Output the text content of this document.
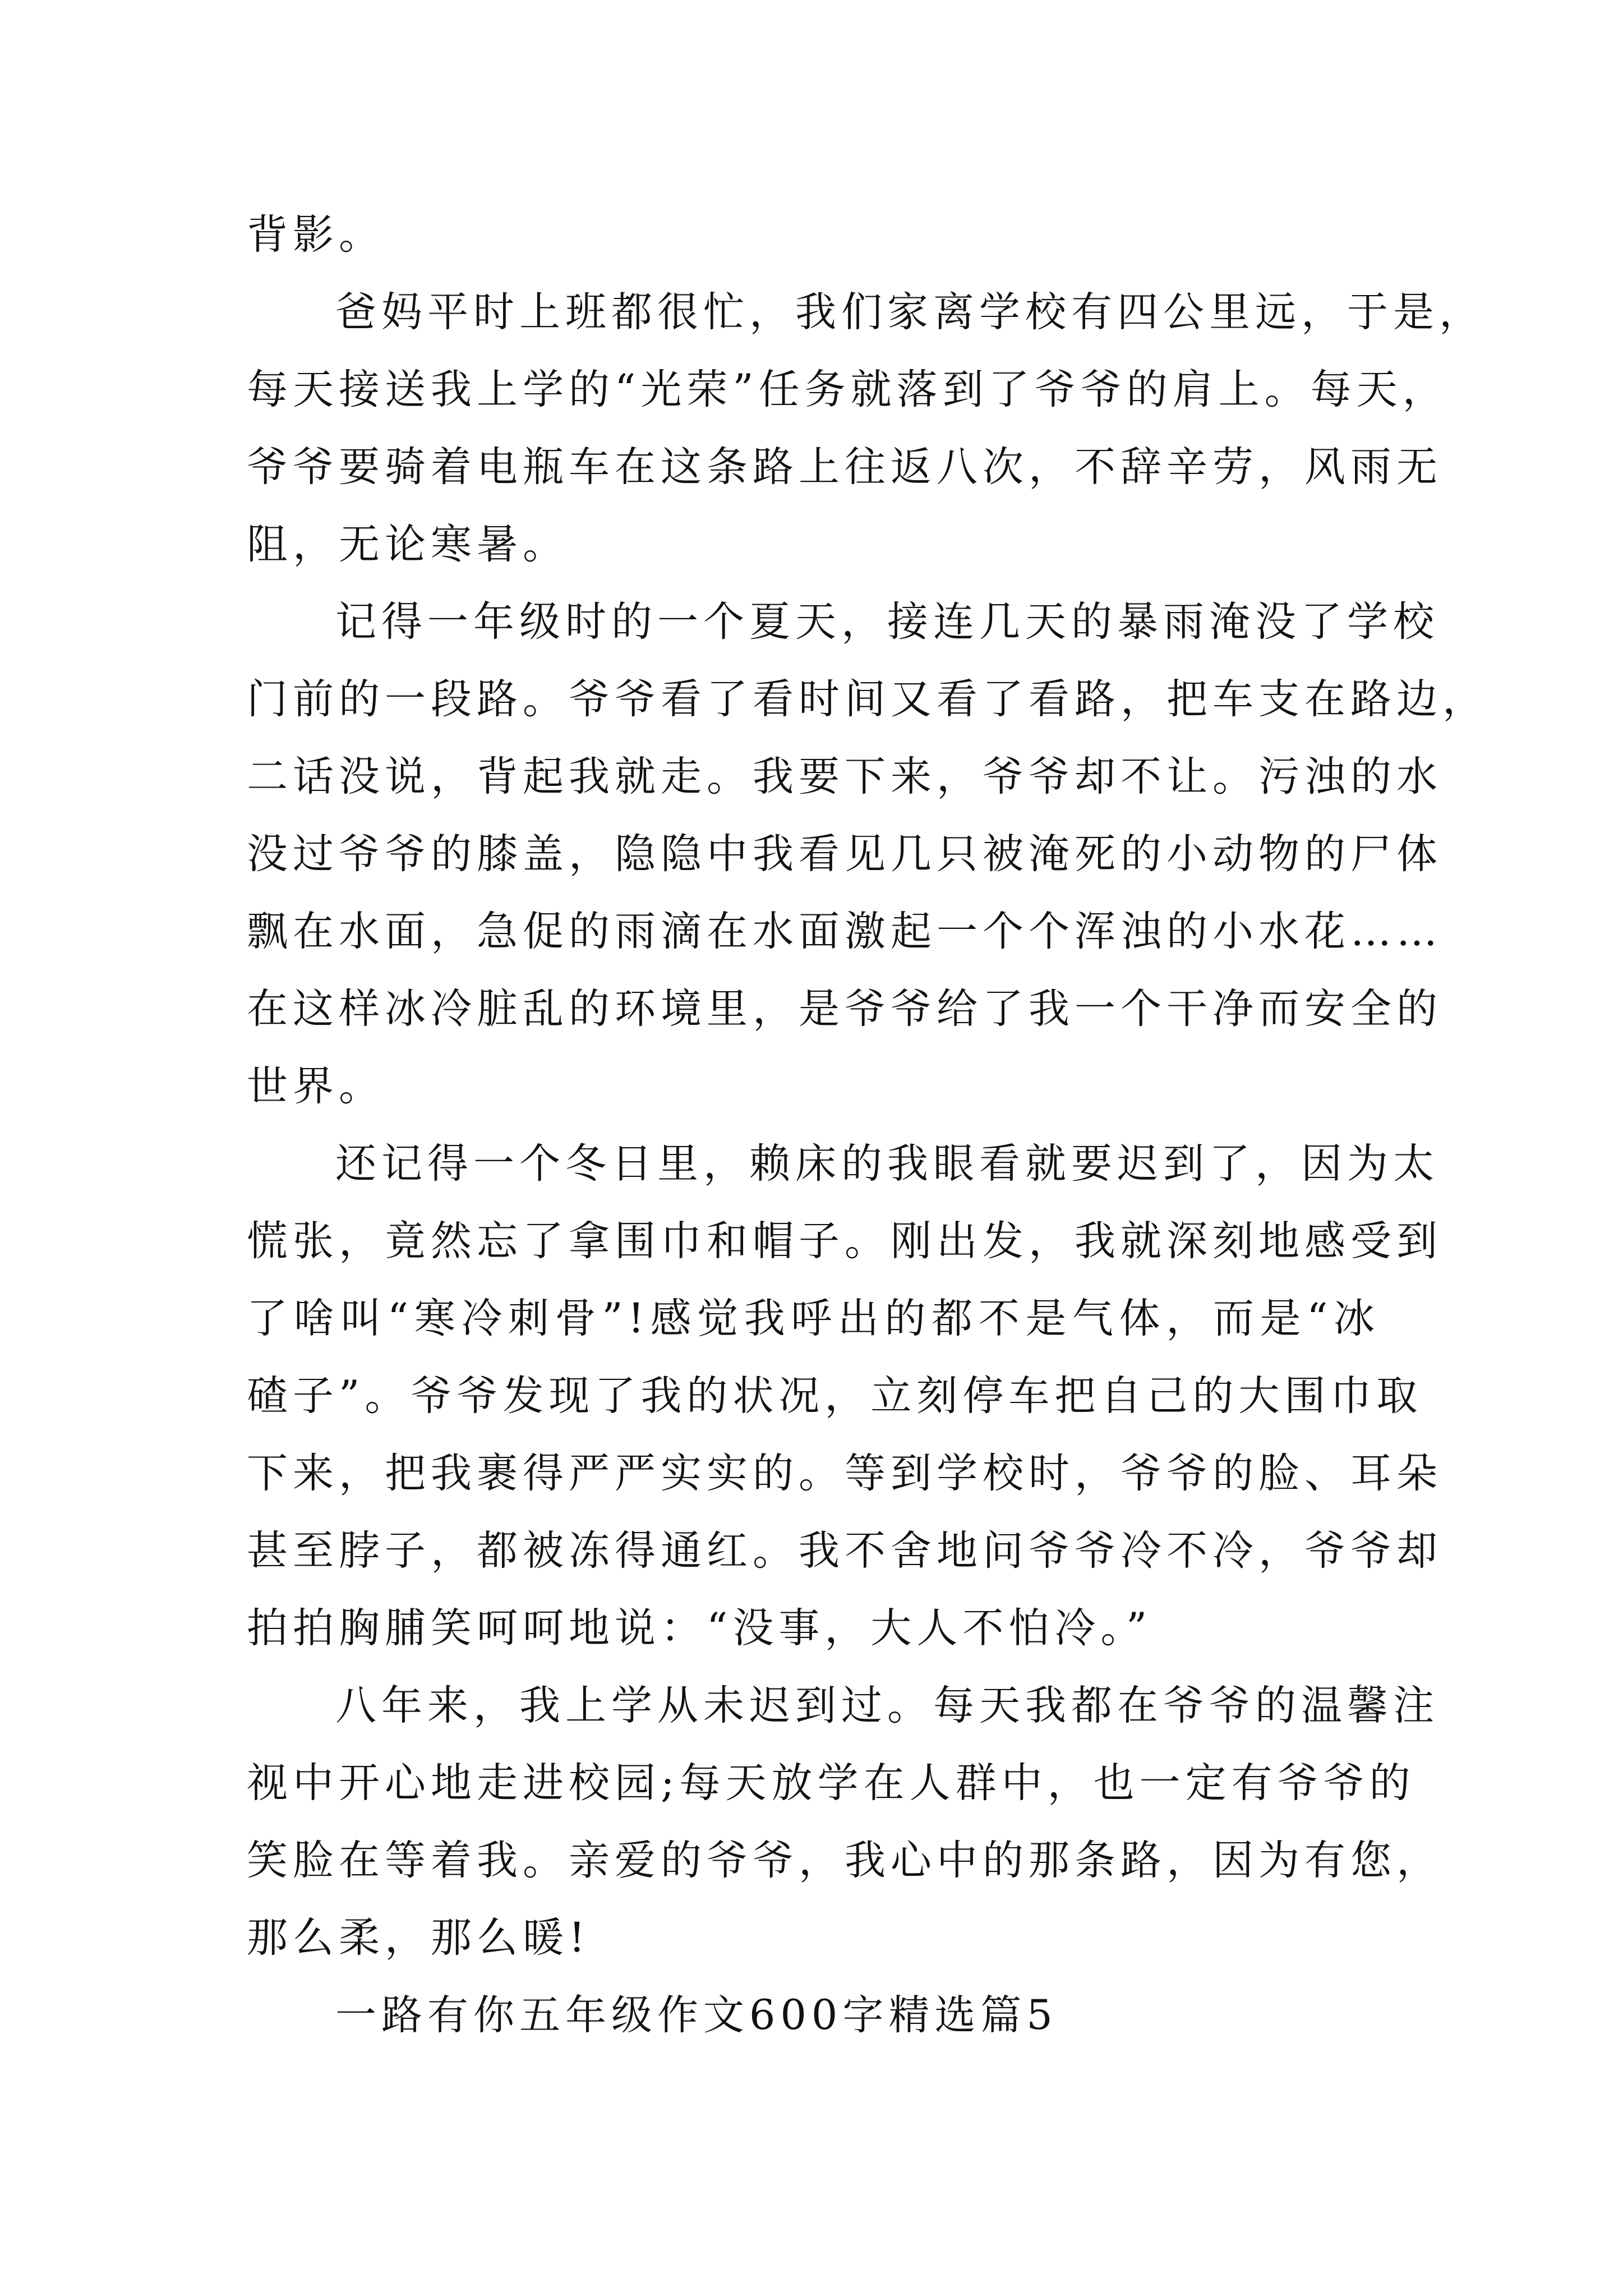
背影。
爸妈平时上班都很忙，我们家离学校有四公里远，于是，
每天接送我上学的“光荣”任务就落到了爷爷的肩上。每天，
爷爷要骑着电瓶车在这条路上往返八次，不辞辛劳，风雨无
阻，无论寒暑。
记得一年级时的一个夏天，接连几天的暴雨淹没了学校
门前的一段路。爷爷看了看时间又看了看路，把车支在路边，
二话没说，背起我就走。我要下来，爷爷却不让。污浊的水
没过爷爷的膝盖，隐隐中我看见几只被淹死的小动物的尸体
飘在水面，急促的雨滴在水面激起一个个浑浊的小水花……
在这样冰冷脏乱的环境里，是爷爷给了我一个干净而安全的
世界。
还记得一个冬日里，赖床的我眼看就要迟到了，因为太
慌张，竟然忘了拿围巾和帽子。刚出发，我就深刻地感受到
了啥叫“寒冷刺骨”!感觉我呼出的都不是气体，而是“冰
碴子”。爷爷发现了我的状况，立刻停车把自己的大围巾取
下来，把我裹得严严实实的。等到学校时，爷爷的脸、耳朵
甚至脖子，都被冻得通红。我不舍地问爷爷冷不冷，爷爷却
拍拍胸脯笑呵呵地说：“没事，大人不怕冷。”
八年来，我上学从未迟到过。每天我都在爷爷的温馨注
视中开心地走进校园;每天放学在人群中，也一定有爷爷的
笑脸在等着我。亲爱的爷爷，我心中的那条路，因为有您，
那么柔，那么暖!
一路有你五年级作文600字精选篇5
